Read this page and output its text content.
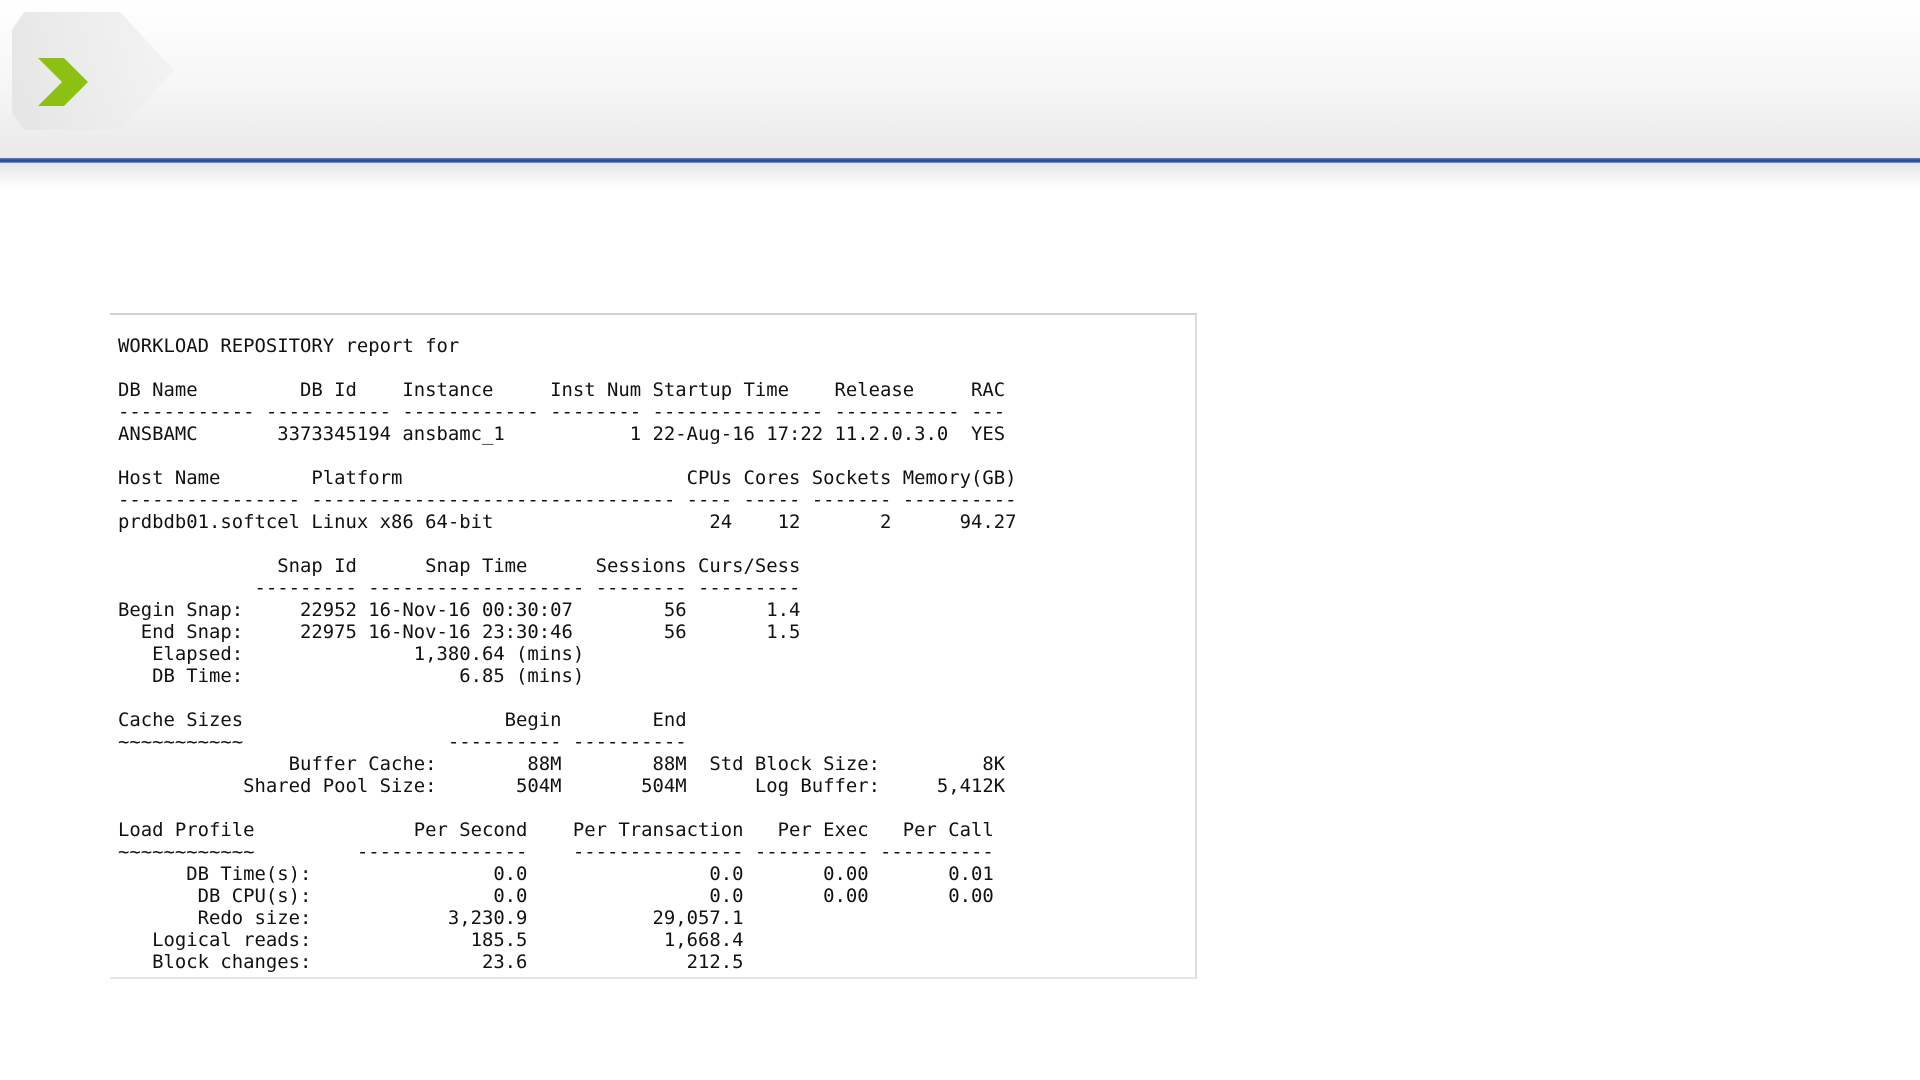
WORKLOAD REPOSITORY report for

DB Name         DB Id    Instance     Inst Num Startup Time    Release     RAC
------------ ----------- ------------ -------- --------------- ----------- ---
ANSBAMC       3373345194 ansbamc_1           1 22-Aug-16 17:22 11.2.0.3.0  YES

Host Name        Platform                         CPUs Cores Sockets Memory(GB)
---------------- -------------------------------- ---- ----- ------- ----------
prdbdb01.softcel Linux x86 64-bit                   24    12       2      94.27

Snap Id      Snap Time      Sessions Curs/Sess
--------- ------------------- -------- ---------
Begin Snap:     22952 16-Nov-16 00:30:07        56       1.4
End Snap:     22975 16-Nov-16 23:30:46        56       1.5
Elapsed:               1,380.64 (mins)
DB Time:                   6.85 (mins)

Cache Sizes                       Begin        End
~~~~~~~~~~~                  ---------- ----------
Buffer Cache:        88M        88M  Std Block Size:         8K
Shared Pool Size:       504M       504M      Log Buffer:     5,412K

Load Profile              Per Second    Per Transaction   Per Exec   Per Call
~~~~~~~~~~~~         ---------------    --------------- ---------- ----------
DB Time(s):                0.0                0.0       0.00       0.01
DB CPU(s):                0.0                0.0       0.00       0.00
Redo size:            3,230.9           29,057.1
Logical reads:              185.5            1,668.4
Block changes:               23.6              212.5
